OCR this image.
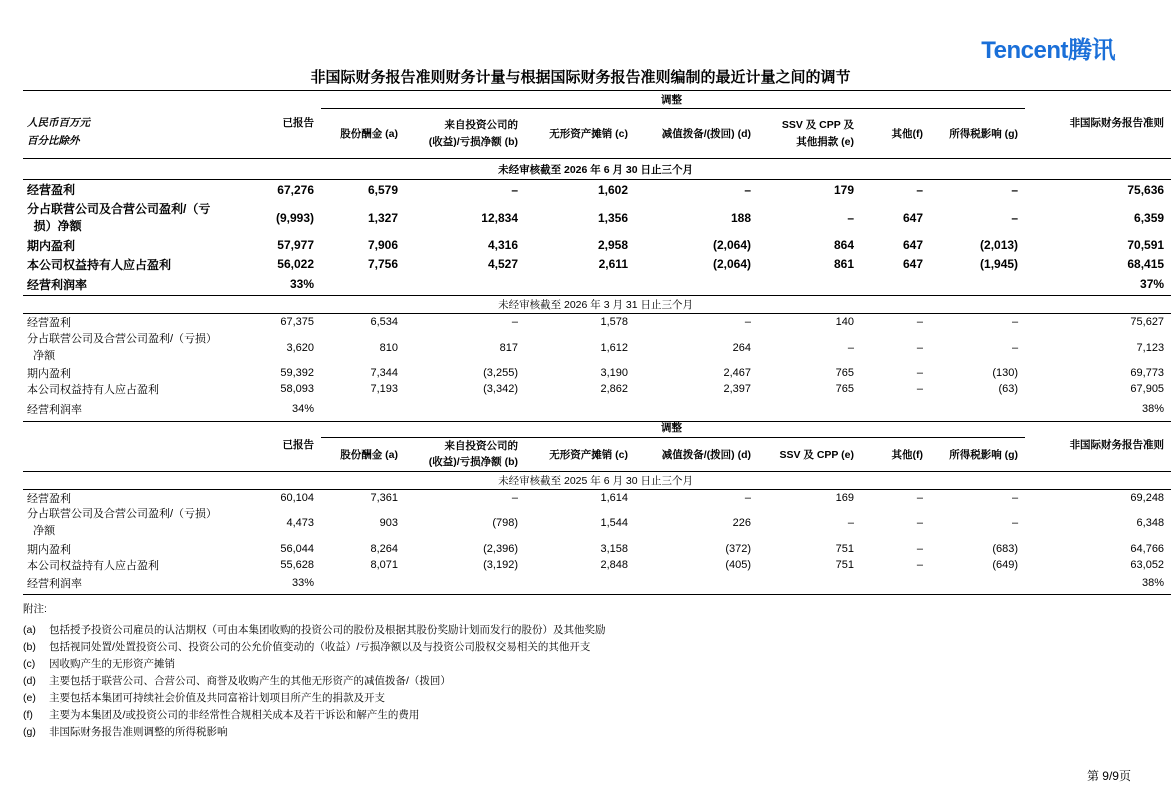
Tencent腾讯
非国际财务报告准则财务计量与根据国际财务报告准则编制的最近计量之间的调节
		调整							
人民币百万元
百分比除外	已报告	股份酬金 (a)	来自投资公司的
(收益)/亏损净额 (b)	无形资产摊销 (c)	减值拨备/(拨回) (d)	SSV 及 CPP 及
其他捐款 (e)	其他(f)	所得税影响 (g)	非国际财务报告准则
未经审核截至 2026 年 6 月 30 日止三个月									
经营盈利	67,276	6,579	–	1,602	–	179	–	–	75,636
分占联营公司及合营公司盈利/（亏
损）净额	(9,993)	1,327	12,834	1,356	188	–	647	–	6,359
期内盈利	57,977	7,906	4,316	2,958	(2,064)	864	647	(2,013)	70,591
本公司权益持有人应占盈利	56,022	7,756	4,527	2,611	(2,064)	861	647	(1,945)	68,415
经营利润率	33%								37%
未经审核截至 2026 年 3 月 31 日止三个月									
经营盈利	67,375	6,534	–	1,578	–	140	–	–	75,627
分占联营公司及合营公司盈利/（亏损）
净额	3,620	810	817	1,612	264	–	–	–	7,123
期内盈利	59,392	7,344	(3,255)	3,190	2,467	765	–	(130)	69,773
本公司权益持有人应占盈利	58,093	7,193	(3,342)	2,862	2,397	765	–	(63)	67,905
经营利润率	34%								38%
		调整							
	已报告	股份酬金 (a)	来自投资公司的
(收益)/亏损净额 (b)	无形资产摊销 (c)	减值拨备/(拨回) (d)	SSV 及 CPP (e)	其他(f)	所得税影响 (g)	非国际财务报告准则
未经审核截至 2025 年 6 月 30 日止三个月									
经营盈利	60,104	7,361	–	1,614	–	169	–	–	69,248
分占联营公司及合营公司盈利/（亏损）
净额	4,473	903	(798)	1,544	226	–	–	–	6,348
期内盈利	56,044	8,264	(2,396)	3,158	(372)	751	–	(683)	64,766
本公司权益持有人应占盈利	55,628	8,071	(3,192)	2,848	(405)	751	–	(649)	63,052
经营利润率	33%								38%
附注:
(a)	包括授予投资公司雇员的认沽期权（可由本集团收购的投资公司的股份及根据其股份奖励计划而发行的股份）及其他奖励
(b)	包括视同处置/处置投资公司、投资公司的公允价值变动的（收益）/亏损净额以及与投资公司股权交易相关的其他开支
(c)	因收购产生的无形资产摊销
(d)	主要包括于联营公司、合营公司、商誉及收购产生的其他无形资产的减值拨备/（拨回）
(e)	主要包括本集团可持续社会价值及共同富裕计划项目所产生的捐款及开支
(f)	主要为本集团及/或投资公司的非经常性合规相关成本及若干诉讼和解产生的费用
(g)	非国际财务报告准则调整的所得税影响
第 9/9页
